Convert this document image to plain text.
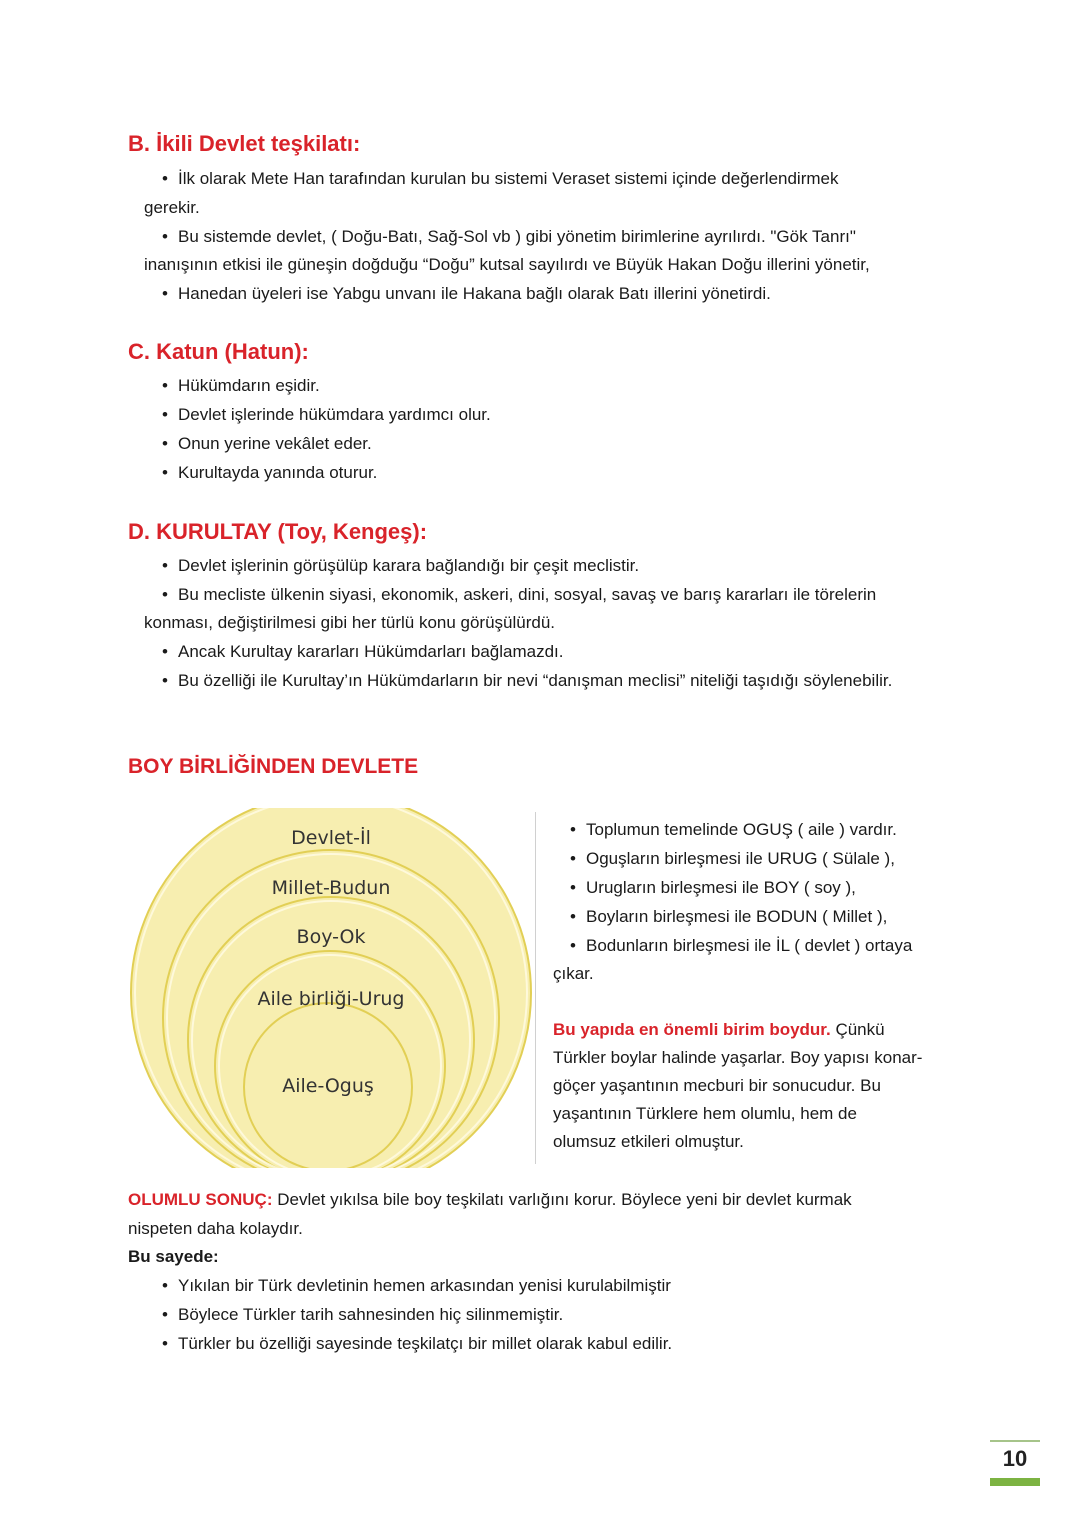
B. İkili Devlet teşkilatı:

• İlk olarak Mete Han tarafından kurulan bu sistemi Veraset sistemi içinde değerlendirmek

gerekir.

• Bu sistemde devlet, ( Doğu-Batı, Sağ-Sol vb ) gibi yönetim birimlerine ayrılırdı. "Gök Tanrı"

inanışının etkisi ile güneşin doğduğu “Doğu” kutsal sayılırdı ve Büyük Hakan Doğu illerini yönetir,

• Hanedan üyeleri ise Yabgu unvanı ile Hakana bağlı olarak Batı illerini yönetirdi.

C. Katun (Hatun):

• Hükümdarın eşidir.

• Devlet işlerinde hükümdara yardımcı olur.

• Onun yerine vekâlet eder.

• Kurultayda yanında oturur.

D. KURULTAY (Toy, Kengeş):

• Devlet işlerinin görüşülüp karara bağlandığı bir çeşit meclistir.

• Bu mecliste ülkenin siyasi, ekonomik, askeri, dini, sosyal, savaş ve barış kararları ile törelerin

konması, değiştirilmesi gibi her türlü konu görüşülürdü.

• Ancak Kurultay kararları Hükümdarları bağlamazdı.

• Bu özelliği ile Kurultay’ın Hükümdarların bir nevi “danışman meclisi” niteliği taşıdığı söylenebilir.

BOY BİRLİĞİNDEN DEVLETE
Devlet-İl
Millet-Budun
Boy-Ok
Aile birliği-Urug
Aile-Oguş

• Toplumun temelinde OGUŞ ( aile ) vardır.

• Oguşların birleşmesi ile URUG ( Sülale ),

• Urugların birleşmesi ile BOY ( soy ),

• Boyların birleşmesi ile BODUN ( Millet ),

• Bodunların birleşmesi ile İL ( devlet ) ortaya

çıkar.

Bu yapıda en önemli birim boydur. Çünkü

Türkler boylar halinde yaşarlar. Boy yapısı konar-

göçer yaşantının mecburi bir sonucudur. Bu

yaşantının Türklere hem olumlu, hem de

olumsuz etkileri olmuştur.

OLUMLU SONUÇ: Devlet yıkılsa bile boy teşkilatı varlığını korur. Böylece yeni bir devlet kurmak

nispeten daha kolaydır.

Bu sayede:

• Yıkılan bir Türk devletinin hemen arkasından yenisi kurulabilmiştir

• Böylece Türkler tarih sahnesinden hiç silinmemiştir.

• Türkler bu özelliği sayesinde teşkilatçı bir millet olarak kabul edilir.

10
